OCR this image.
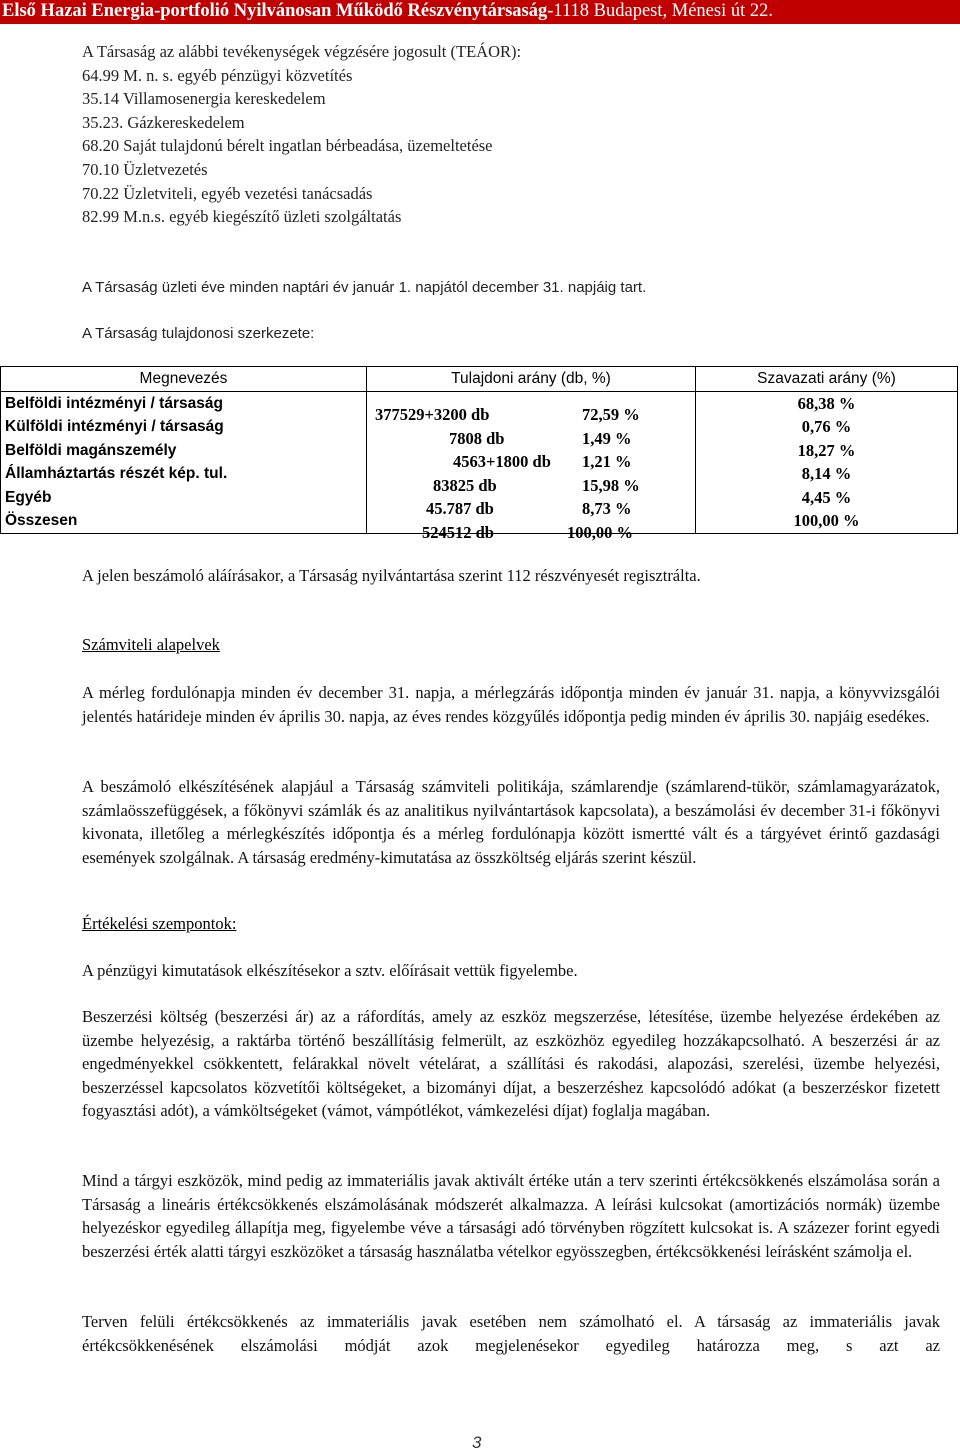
Első Hazai Energia-portfolió Nyilvánosan Működő Részvénytársaság-1118 Budapest, Ménesi út 22.
A Társaság az alábbi tevékenységek végzésére jogosult (TEÁOR):
64.99 M. n. s. egyéb pénzügyi közvetítés
35.14 Villamosenergia kereskedelem
35.23. Gázkereskedelem
68.20 Saját tulajdonú bérelt ingatlan bérbeadása, üzemeltetése
70.10 Üzletvezetés
70.22 Üzletviteli, egyéb vezetési tanácsadás
82.99 M.n.s. egyéb kiegészítő üzleti szolgáltatás
A Társaság üzleti éve minden naptári év január 1. napjától december 31. napjáig tart.
A Társaság tulajdonosi szerkezete:
Megnevezés	Tulajdoni arány (db, %)	Szavazati arány (%)
Belföldi intézményi / társaság	377529+3200 db 72,59 %	68,38 %
Külföldi intézményi / társaság	7808 db 1,49 %	0,76 %
Belföldi magánszemély	4563+1800 db 1,21 %	18,27 %
Államháztartás részét kép. tul.	83825 db 15,98 %	8,14 %
Egyéb	45.787 db 8,73 %	4,45 %
Összesen	524512 db 100,00 %	100,00 %
A jelen beszámoló aláírásakor, a Társaság nyilvántartása szerint 112 részvényesét regisztrálta.
Számviteli alapelvek
A mérleg fordulónapja minden év december 31. napja, a mérlegzárás időpontja minden év január 31. napja, a könyvvizsgálói jelentés határideje minden év április 30. napja, az éves rendes közgyűlés időpontja pedig minden év április 30. napjáig esedékes.
A beszámoló elkészítésének alapjául a Társaság számviteli politikája, számlarendje (számlarend-tükör, számlamagyarázatok, számlaösszefüggések, a főkönyvi számlák és az analitikus nyilvántartások kapcsolata), a beszámolási év december 31-i főkönyvi kivonata, illetőleg a mérlegkészítés időpontja és a mérleg fordulónapja között ismertté vált és a tárgyévet érintő gazdasági események szolgálnak. A társaság eredmény-kimutatása az összköltség eljárás szerint készül.
Értékelési szempontok:
A pénzügyi kimutatások elkészítésekor a sztv. előírásait vettük figyelembe.
Beszerzési költség (beszerzési ár) az a ráfordítás, amely az eszköz megszerzése, létesítése, üzembe helyezése érdekében az üzembe helyezésig, a raktárba történő beszállításig felmerült, az eszközhöz egyedileg hozzákapcsolható. A beszerzési ár az engedményekkel csökkentett, felárakkal növelt vételárat, a szállítási és rakodási, alapozási, szerelési, üzembe helyezési, beszerzéssel kapcsolatos közvetítői költségeket, a bizományi díjat, a beszerzéshez kapcsolódó adókat (a beszerzéskor fizetett fogyasztási adót), a vámköltségeket (vámot, vámpótlékot, vámkezelési díjat) foglalja magában.
Mind a tárgyi eszközök, mind pedig az immateriális javak aktivált értéke után a terv szerinti értékcsökkenés elszámolása során a Társaság a lineáris értékcsökkenés elszámolásának módszerét alkalmazza. A leírási kulcsokat (amortizációs normák) üzembe helyezéskor egyedileg állapítja meg, figyelembe véve a társasági adó törvényben rögzített kulcsokat is. A százezer forint egyedi beszerzési érték alatti tárgyi eszközöket a társaság használatba vételkor egyösszegben, értékcsökkenési leírásként számolja el.
Terven felüli értékcsökkenés az immateriális javak esetében nem számolható el. A társaság az immateriális javak értékcsökkenésének elszámolási módját azok megjelenésekor egyedileg határozza meg, s azt az
3
